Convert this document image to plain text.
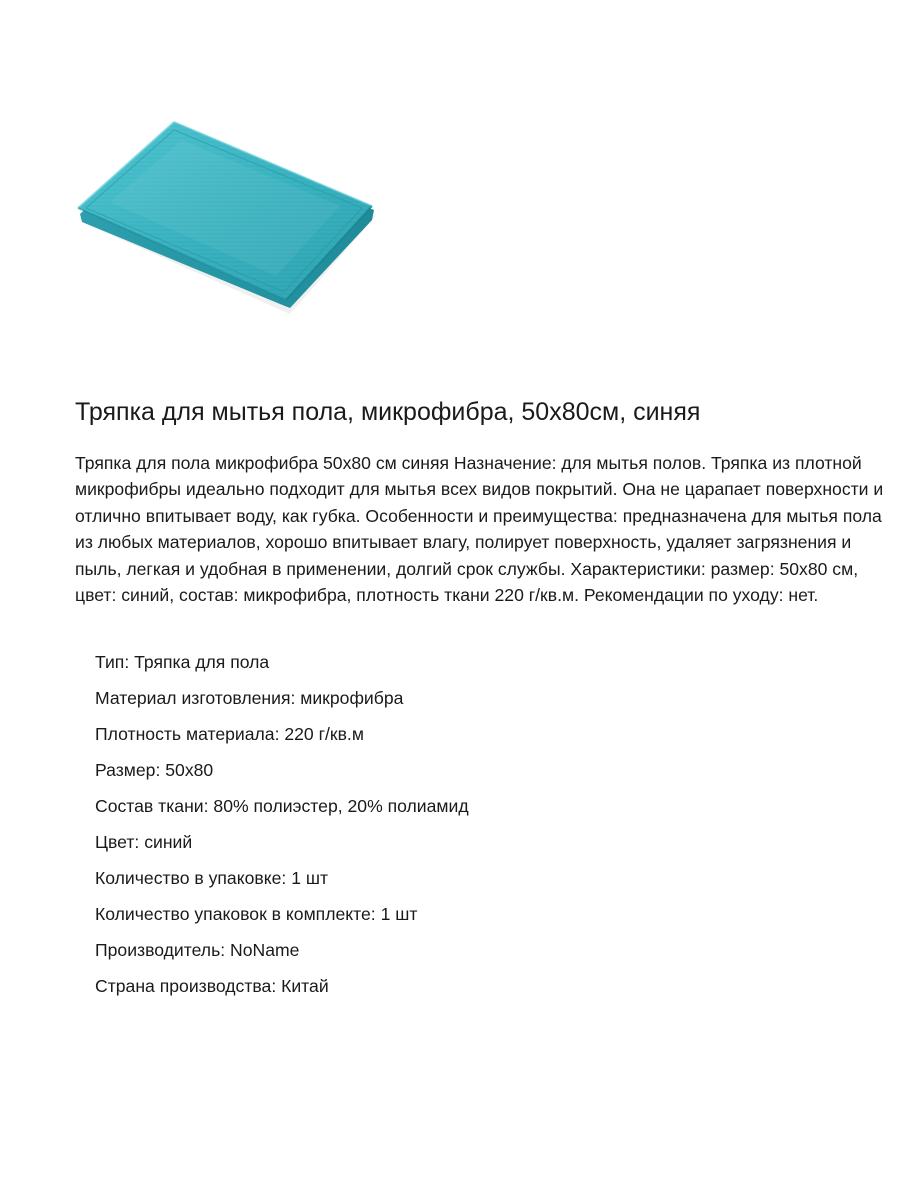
Тряпка для мытья пола, микрофибра, 50х80см, синяя

Тряпка для пола микрофибра 50x80 см синяя Назначение: для мытья полов. Тряпка из плотной микрофибры идеально подходит для мытья всех видов покрытий. Она не царапает поверхности и отлично впитывает воду, как губка. Особенности и преимущества: предназначена для мытья пола из любых материалов, хорошо впитывает влагу, полирует поверхность, удаляет загрязнения и пыль, легкая и удобная в применении, долгий срок службы. Характеристики: размер: 50x80 см, цвет: синий, состав: микрофибра, плотность ткани 220 г/кв.м. Рекомендации по уходу: нет.

Тип: Тряпка для пола
Материал изготовления: микрофибра
Плотность материала: 220 г/кв.м
Размер: 50x80
Состав ткани: 80% полиэстер, 20% полиамид
Цвет: синий
Количество в упаковке: 1 шт
Количество упаковок в комплекте: 1 шт
Производитель: NoName
Страна производства: Китай
